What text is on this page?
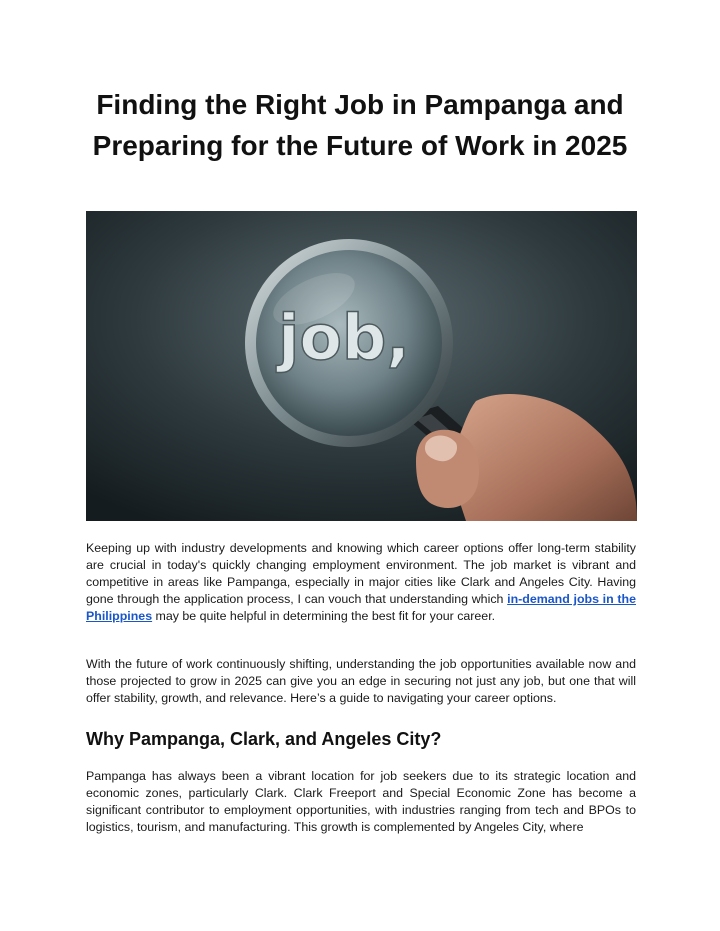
Finding the Right Job in Pampanga and Preparing for the Future of Work in 2025
job,

Keeping up with industry developments and knowing which career options offer long-term stability are crucial in today's quickly changing employment environment. The job market is vibrant and competitive in areas like Pampanga, especially in major cities like Clark and Angeles City. Having gone through the application process, I can vouch that understanding which in-demand jobs in the Philippines may be quite helpful in determining the best fit for your career.

With the future of work continuously shifting, understanding the job opportunities available now and those projected to grow in 2025 can give you an edge in securing not just any job, but one that will offer stability, growth, and relevance. Here’s a guide to navigating your career options.

Why Pampanga, Clark, and Angeles City?

Pampanga has always been a vibrant location for job seekers due to its strategic location and economic zones, particularly Clark. Clark Freeport and Special Economic Zone has become a significant contributor to employment opportunities, with industries ranging from tech and BPOs to logistics, tourism, and manufacturing. This growth is complemented by Angeles City, where
